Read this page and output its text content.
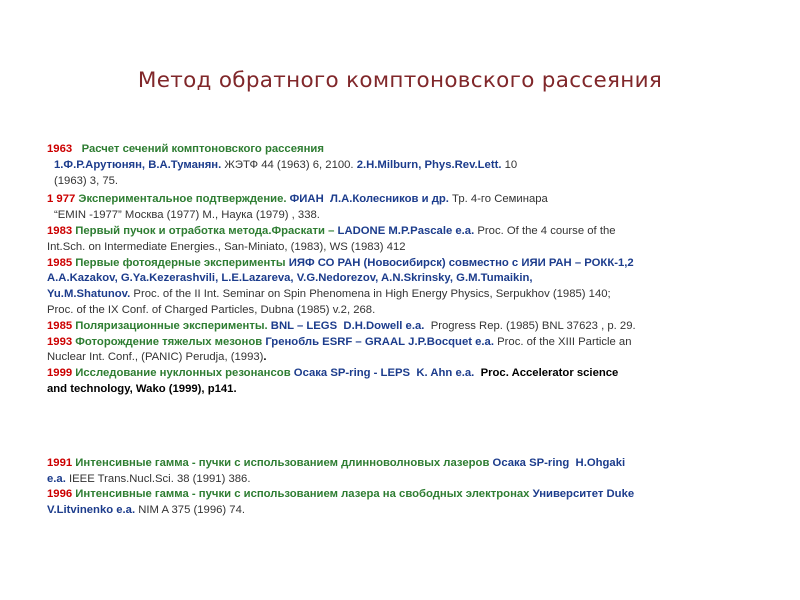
Метод обратного комптоновского рассеяния

1963 Расчет сечений комптоновского рассеяния
1.Ф.Р.Арутюнян, В.А.Туманян. ЖЭТФ 44 (1963) 6, 2100. 2.H.Milburn, Phys.Rev.Lett. 10
(1963) 3, 75.

1 977 Экспериментальное подтверждение. ФИАН Л.А.Колесников и др. Тр. 4-го Семинара
“EMIN -1977” Москва (1977) М., Наука (1979) , 338.

1983 Первый пучок и отработка метода.Фраскати – LADONE M.P.Pascale e.a. Proc. Of the 4 course of the
Int.Sch. on Intermediate Energies., San-Miniato, (1983), WS (1983) 412

1985 Первые фотоядерные эксперименты ИЯФ СО РАН (Новосибирск) совместно с ИЯИ РАН – РОКК-1,2
A.A.Kazakov, G.Ya.Kezerashvili, L.E.Lazareva, V.G.Nedorezov, A.N.Skrinsky, G.M.Tumaikin,
Yu.M.Shatunov. Proc. of the II Int. Seminar on Spin Phenomena in High Energy Physics, Serpukhov (1985) 140;
Proc. of the IX Conf. of Charged Particles, Dubna (1985) v.2, 268.

1985 Поляризационные эксперименты. BNL – LEGS D.H.Dowell e.a. Progress Rep. (1985) BNL 37623 , p. 29.

1993 Фоторождение тяжелых мезонов Гренобль ESRF – GRAAL J.P.Bocquet e.a. Proc. of the XIII Particle an
Nuclear Int. Conf., (PANIC) Perudja, (1993).

1999 Исследование нуклонных резонансов Осака SP-ring - LEPS K. Ahn e.a. Proc. Accelerator science
and technology, Wako (1999), p141.

1991 Интенсивные гамма - пучки с использованием длинноволновых лазеров Осака SP-ring H.Ohgaki
e.a. IEEE Trans.Nucl.Sci. 38 (1991) 386.

1996 Интенсивные гамма - пучки с использованием лазера на свободных электронах Университет Duke
V.Litvinenko e.a. NIM A 375 (1996) 74.
